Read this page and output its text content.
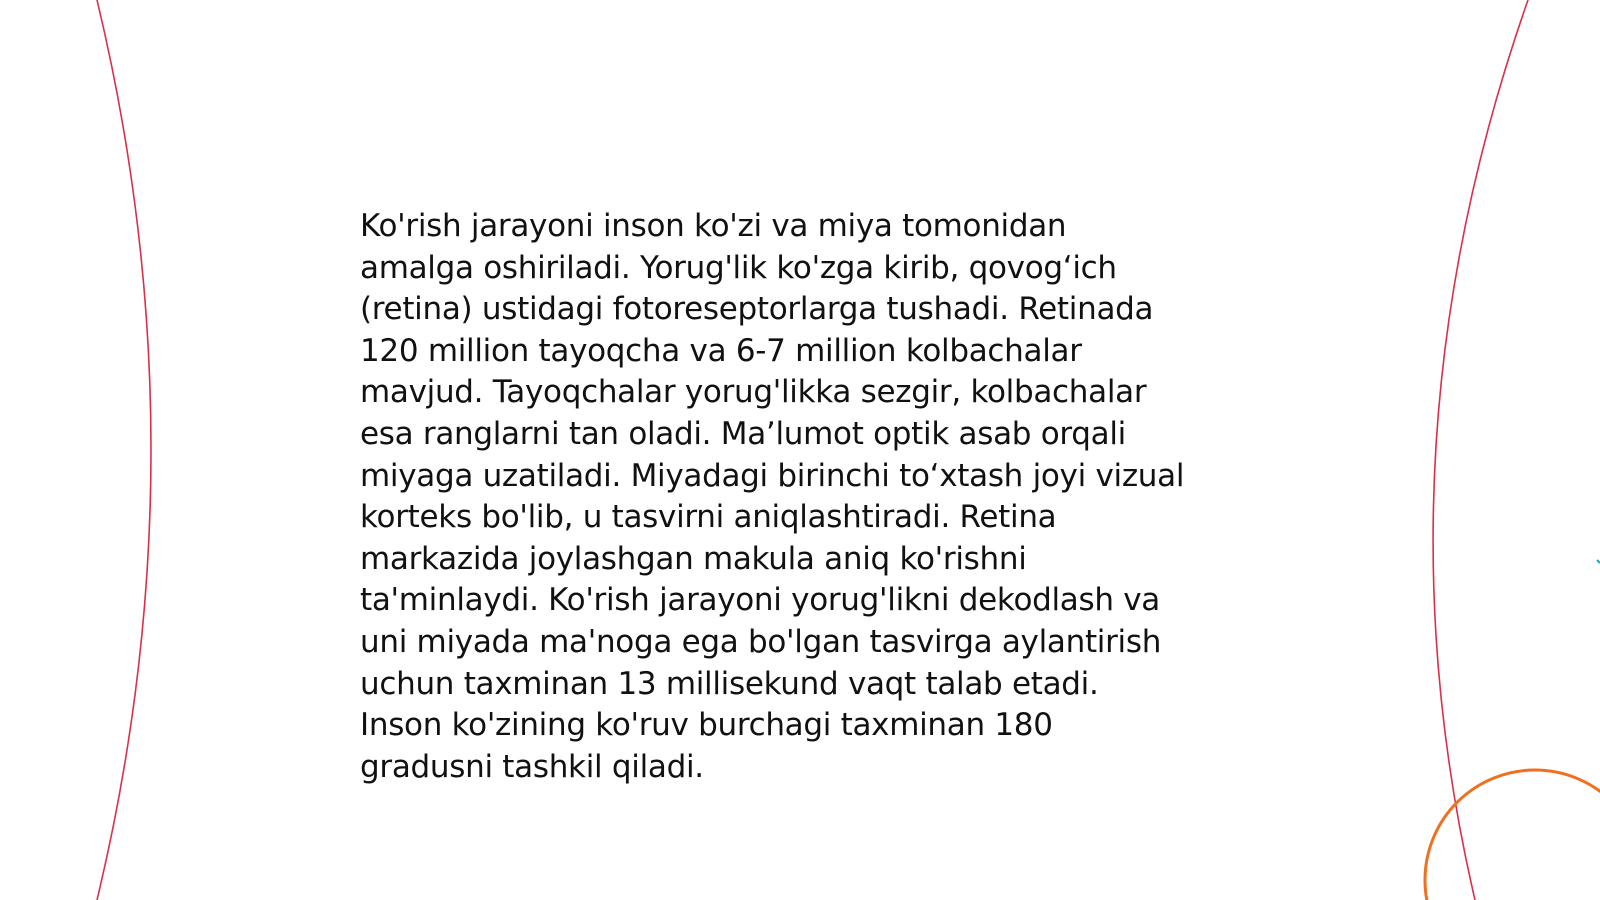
Ko'rish jarayoni inson ko'zi va miya tomonidan
amalga oshiriladi. Yorug'lik ko'zga kirib, qovog‘ich
(retina) ustidagi fotoreseptorlarga tushadi. Retinada
120 million tayoqcha va 6-7 million kolbachalar
mavjud. Tayoqchalar yorug'likka sezgir, kolbachalar
esa ranglarni tan oladi. Ma’lumot optik asab orqali
miyaga uzatiladi. Miyadagi birinchi to‘xtash joyi vizual
korteks bo'lib, u tasvirni aniqlashtiradi. Retina
markazida joylashgan makula aniq ko'rishni
ta'minlaydi. Ko'rish jarayoni yorug'likni dekodlash va
uni miyada ma'noga ega bo'lgan tasvirga aylantirish
uchun taxminan 13 millisekund vaqt talab etadi.
Inson ko'zining ko'ruv burchagi taxminan 180
gradusni tashkil qiladi.
